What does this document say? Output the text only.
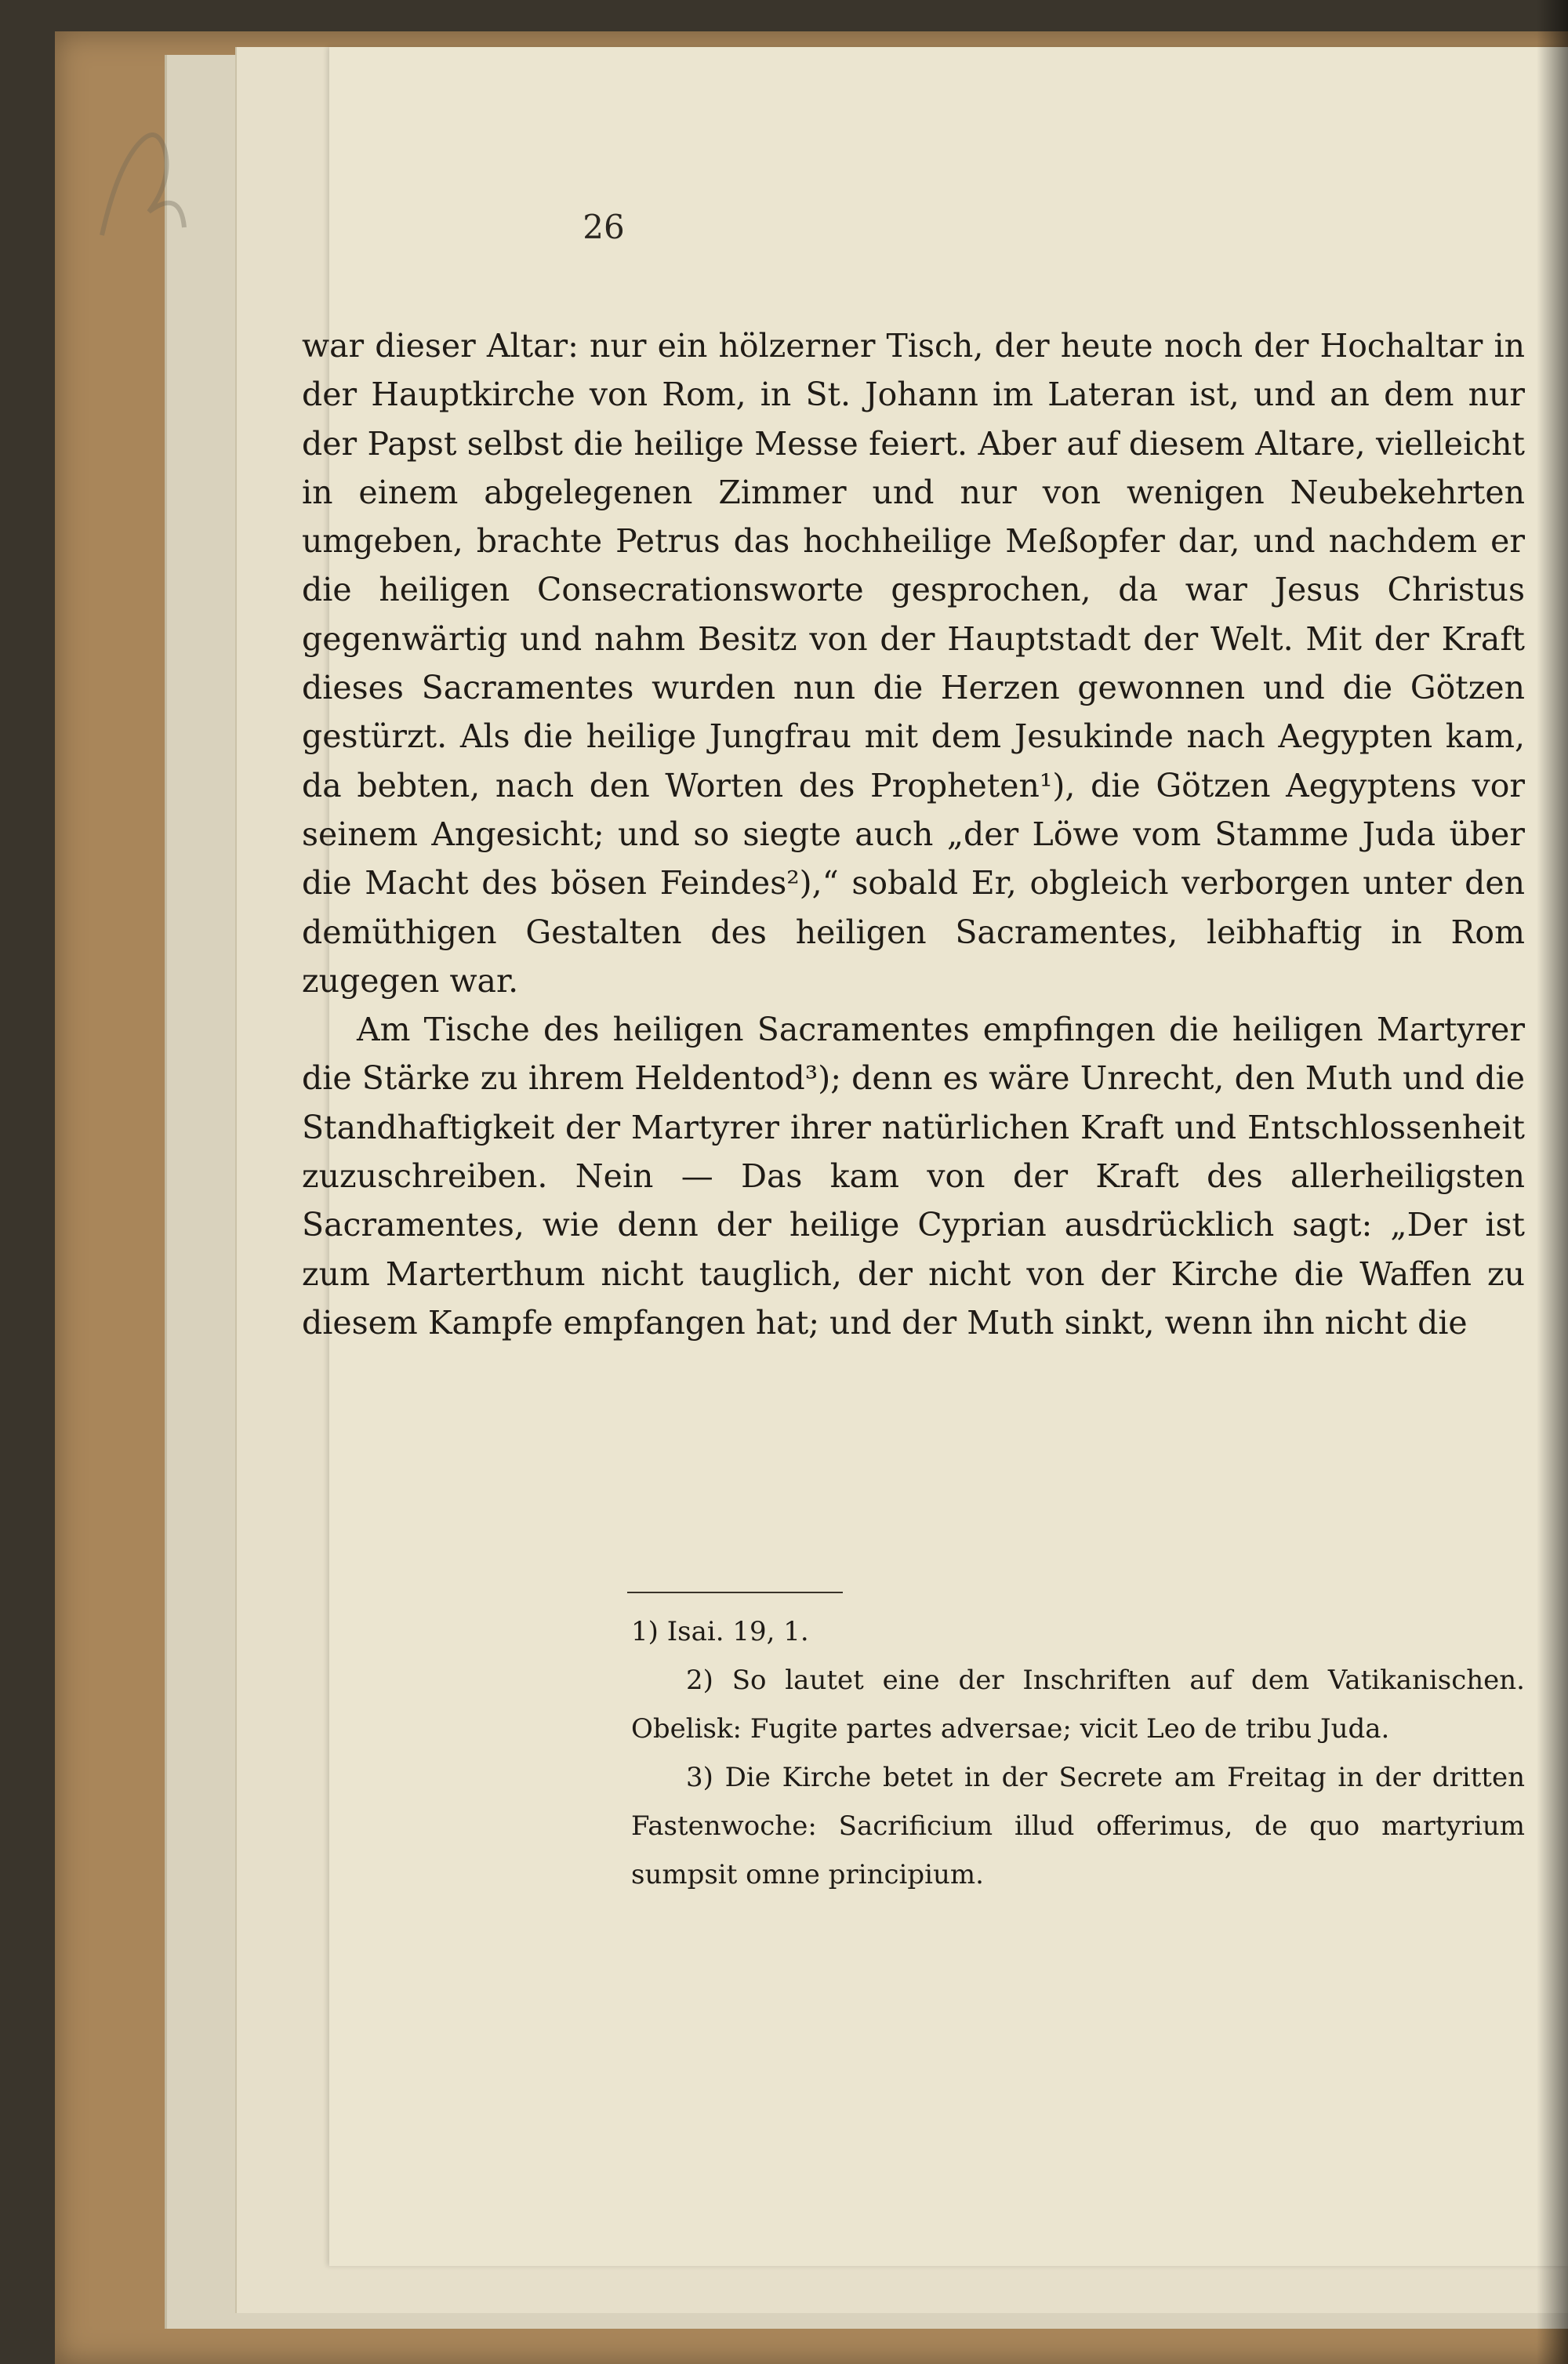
26

war dieser Altar: nur ein hölzerner Tisch, der heute noch der Hochaltar in der Hauptkirche von Rom, in St. Johann im Lateran ist, und an dem nur der Papst selbst die heilige Messe feiert. Aber auf diesem Altare, vielleicht in einem abgelegenen Zimmer und nur von wenigen Neubekehrten umgeben, brachte Petrus das hochheilige Meßopfer dar, und nachdem er die heiligen Consecrationsworte gesprochen, da war Jesus Christus gegenwärtig und nahm Besitz von der Hauptstadt der Welt. Mit der Kraft dieses Sacramentes wurden nun die Herzen gewonnen und die Götzen gestürzt. Als die heilige Jungfrau mit dem Jesukinde nach Aegypten kam, da bebten, nach den Worten des Propheten¹), die Götzen Aegyptens vor seinem Angesicht; und so siegte auch „der Löwe vom Stamme Juda über die Macht des bösen Feindes²),“ sobald Er, obgleich verborgen unter den demüthigen Gestalten des heiligen Sacramentes, leibhaftig in Rom zugegen war.

Am Tische des heiligen Sacramentes empfingen die heiligen Martyrer die Stärke zu ihrem Heldentod³); denn es wäre Unrecht, den Muth und die Standhaftigkeit der Martyrer ihrer natürlichen Kraft und Entschlossenheit zuzuschreiben. Nein — Das kam von der Kraft des allerheiligsten Sacramentes, wie denn der heilige Cyprian ausdrücklich sagt: „Der ist zum Marterthum nicht tauglich, der nicht von der Kirche die Waffen zu diesem Kampfe empfangen hat; und der Muth sinkt, wenn ihn nicht die

1) Isai. 19, 1.

2) So lautet eine der Inschriften auf dem Vatikanischen. Obelisk: Fugite partes adversae; vicit Leo de tribu Juda.

3) Die Kirche betet in der Secrete am Freitag in der dritten Fastenwoche: Sacrificium illud offerimus, de quo martyrium sumpsit omne principium.
